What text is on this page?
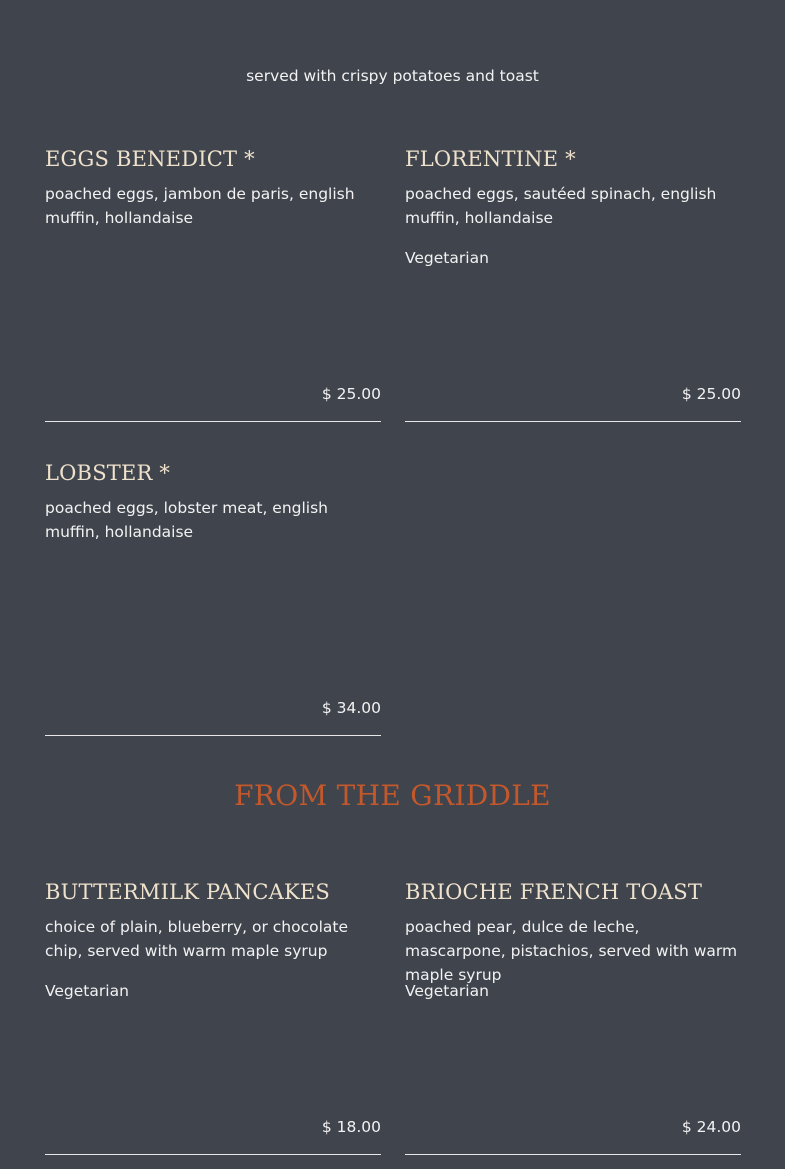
served with crispy potatoes and toast
EGGS BENEDICT *
poached eggs, jambon de paris, english muffin, hollandaise
$ 25.00
FLORENTINE *
poached eggs, sautéed spinach, english muffin, hollandaise
Vegetarian
$ 25.00
LOBSTER *
poached eggs, lobster meat, english muffin, hollandaise
$ 34.00
FROM THE GRIDDLE
BUTTERMILK PANCAKES
choice of plain, blueberry, or chocolate chip, served with warm maple syrup
Vegetarian
$ 18.00
BRIOCHE FRENCH TOAST
poached pear, dulce de leche, mascarpone, pistachios, served with warm maple syrup
Vegetarian
$ 24.00
